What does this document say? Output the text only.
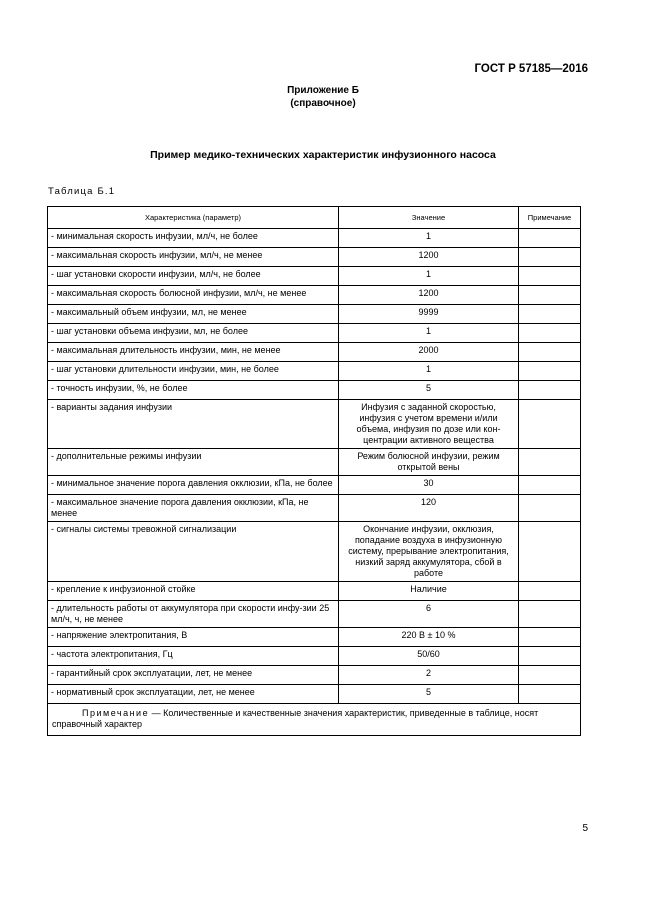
ГОСТ Р 57185—2016
Приложение Б
(справочное)
Пример медико-технических характеристик инфузионного насоса
Таблица Б.1
Характеристика (параметр)	Значение	Примечание
- минимальная скорость инфузии, мл/ч, не более	1	
- максимальная скорость инфузии, мл/ч, не менее	1200	
- шаг установки скорости инфузии, мл/ч, не более	1	
- максимальная скорость болюсной инфузии, мл/ч, не менее	1200	
- максимальный объем инфузии, мл, не менее	9999	
- шаг установки объема инфузии, мл, не более	1	
- максимальная длительность инфузии, мин, не менее	2000	
- шаг установки длительности инфузии, мин, не более	1	
- точность инфузии, %, не более	5	
- варианты задания инфузии	Инфузия с заданной скоростью, инфузия с учетом времени и/или объема, инфузия по дозе или кон-центрации активного вещества	
- дополнительные режимы инфузии	Режим болюсной инфузии, режим открытой вены	
- минимальное значение порога давления окклюзии, кПа, не более	30	
- максимальное значение порога давления окклюзии, кПа, не менее	120	
- сигналы системы тревожной сигнализации	Окончание инфузии, окклюзия, попадание воздуха в инфузионную систему, прерывание электропитания, низкий заряд аккумулятора, сбой в работе	
- крепление к инфузионной стойке	Наличие	
- длительность работы от аккумулятора при скорости инфу-зии 25 мл/ч, ч, не менее	6	
- напряжение электропитания, В	220 В ± 10 %	
- частота электропитания, Гц	50/60	
- гарантийный срок эксплуатации, лет, не менее	2	
- нормативный срок эксплуатации, лет, не менее	5	
Примечание — Количественные и качественные значения характеристик, приведенные в таблице, носят справочный характер		
5
